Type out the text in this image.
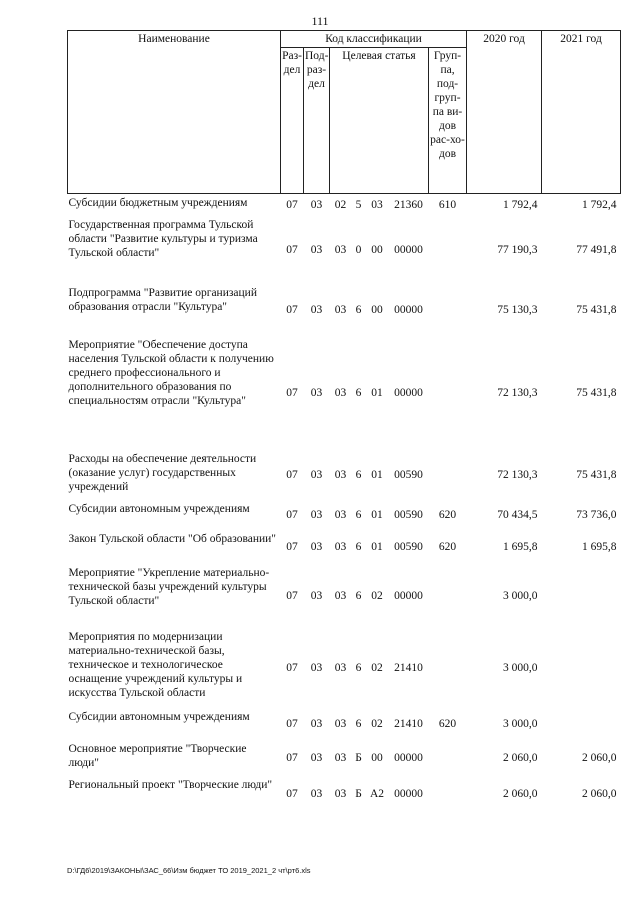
111
Наименование	Код классификации							2020 год	2021 год
	Раз-дел	Под-раз-дел	Целевая статья				Груп-па, под-груп-па ви-дов рас-хо-дов		
Субсидии бюджетным учреждениям	07	03	02	5	03	21360	610	1 792,4	1 792,4
Государственная программа Тульской области "Развитие культуры и туризма Тульской области"	07	03	03	0	00	00000		77 190,3	77 491,8
Подпрограмма "Развитие организаций образования отрасли "Культура"	07	03	03	6	00	00000		75 130,3	75 431,8
Мероприятие "Обеспечение доступа населения Тульской области к получению среднего профессионального и дополнительного образования по специальностям отрасли "Культура"	07	03	03	6	01	00000		72 130,3	75 431,8
Расходы на обеспечение деятельности (оказание услуг) государственных учреждений	07	03	03	6	01	00590		72 130,3	75 431,8
Субсидии автономным учреждениям	07	03	03	6	01	00590	620	70 434,5	73 736,0
Закон Тульской области "Об образовании"	07	03	03	6	01	00590	620	1 695,8	1 695,8
Мероприятие "Укрепление материально-технической базы учреждений культуры Тульской области"	07	03	03	6	02	00000		3 000,0	
Мероприятия по модернизации материально-технической базы, техническое и технологическое оснащение учреждений культуры и искусства Тульской области	07	03	03	6	02	21410		3 000,0	
Субсидии автономным учреждениям	07	03	03	6	02	21410	620	3 000,0	
Основное мероприятие "Творческие люди"	07	03	03	Б	00	00000		2 060,0	2 060,0
Региональный проект "Творческие люди"	07	03	03	Б	А2	00000		2 060,0	2 060,0
D:\ГД6\2019\ЗАКОНЫ\ЗАС_66\Изм бюджет ТО 2019_2021_2 чт\рт6.xls
